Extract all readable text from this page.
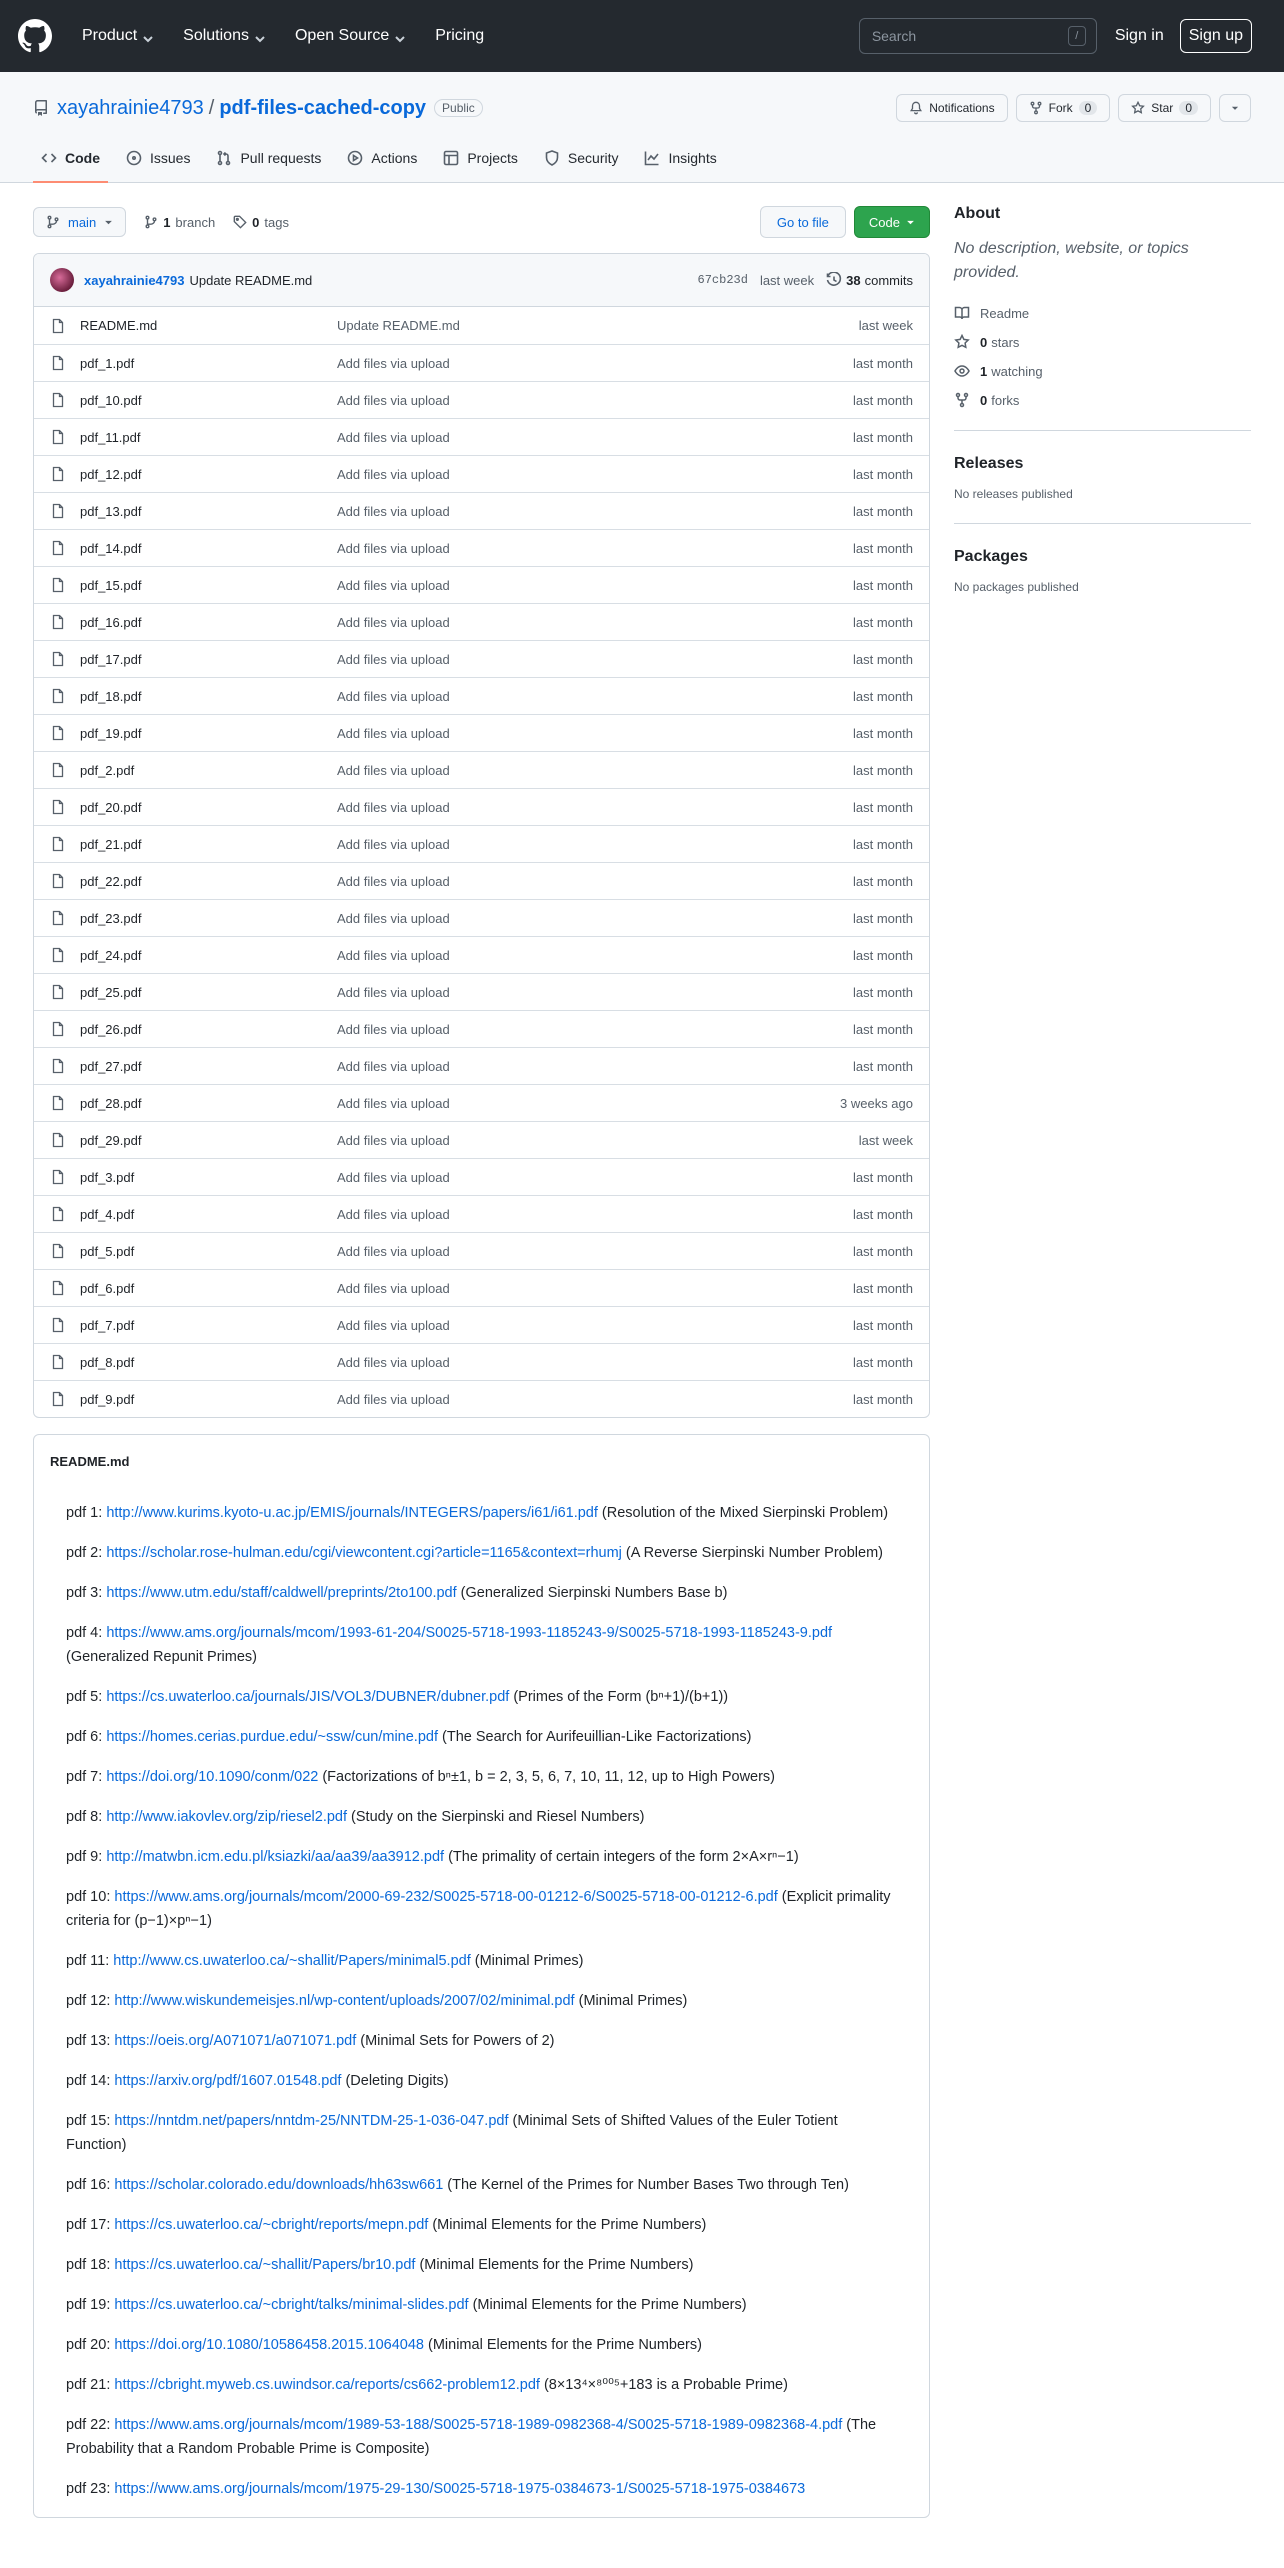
Product	Solutions	Open Source	Pricing	Search	/	Sign in	Sign up
xayahrainie4793 / pdf-files-cached-copy	Public	Notifications	Fork	0	Star	0
Code	Issues	Pull requests	Actions	Projects	Security	Insights
main	1 branch	0 tags	Go to file	Code
xayahrainie4793 Update README.md	67cb23d last week 38 commits
README.md	Update README.md	last week
pdf_1.pdf	Add files via upload	last month
pdf_10.pdf	Add files via upload	last month
pdf_11.pdf	Add files via upload	last month
pdf_12.pdf	Add files via upload	last month
pdf_13.pdf	Add files via upload	last month
pdf_14.pdf	Add files via upload	last month
pdf_15.pdf	Add files via upload	last month
pdf_16.pdf	Add files via upload	last month
pdf_17.pdf	Add files via upload	last month
pdf_18.pdf	Add files via upload	last month
pdf_19.pdf	Add files via upload	last month
pdf_2.pdf	Add files via upload	last month
pdf_20.pdf	Add files via upload	last month
pdf_21.pdf	Add files via upload	last month
pdf_22.pdf	Add files via upload	last month
pdf_23.pdf	Add files via upload	last month
pdf_24.pdf	Add files via upload	last month
pdf_25.pdf	Add files via upload	last month
pdf_26.pdf	Add files via upload	last month
pdf_27.pdf	Add files via upload	last month
pdf_28.pdf	Add files via upload	3 weeks ago
pdf_29.pdf	Add files via upload	last week
pdf_3.pdf	Add files via upload	last month
pdf_4.pdf	Add files via upload	last month
pdf_5.pdf	Add files via upload	last month
pdf_6.pdf	Add files via upload	last month
pdf_7.pdf	Add files via upload	last month
pdf_8.pdf	Add files via upload	last month
pdf_9.pdf	Add files via upload	last month
README.md

pdf 1: http://www.kurims.kyoto-u.ac.jp/EMIS/journals/INTEGERS/papers/i61/i61.pdf (Resolution of the Mixed Sierpinski Problem)

pdf 2: https://scholar.rose-hulman.edu/cgi/viewcontent.cgi?article=1165&context=rhumj (A Reverse Sierpinski Number Problem)

pdf 3: https://www.utm.edu/staff/caldwell/preprints/2to100.pdf (Generalized Sierpinski Numbers Base b)

pdf 4: https://www.ams.org/journals/mcom/1993-61-204/S0025-5718-1993-1185243-9/S0025-5718-1993-1185243-9.pdf (Generalized Repunit Primes)

pdf 5: https://cs.uwaterloo.ca/journals/JIS/VOL3/DUBNER/dubner.pdf (Primes of the Form (bⁿ+1)/(b+1))

pdf 6: https://homes.cerias.purdue.edu/~ssw/cun/mine.pdf (The Search for Aurifeuillian-Like Factorizations)

pdf 7: https://doi.org/10.1090/conm/022 (Factorizations of bⁿ±1, b = 2, 3, 5, 6, 7, 10, 11, 12, up to High Powers)

pdf 8: http://www.iakovlev.org/zip/riesel2.pdf (Study on the Sierpinski and Riesel Numbers)

pdf 9: http://matwbn.icm.edu.pl/ksiazki/aa/aa39/aa3912.pdf (The primality of certain integers of the form 2×A×rⁿ−1)

pdf 10: https://www.ams.org/journals/mcom/2000-69-232/S0025-5718-00-01212-6/S0025-5718-00-01212-6.pdf (Explicit primality criteria for (p−1)×pⁿ−1)

pdf 11: http://www.cs.uwaterloo.ca/~shallit/Papers/minimal5.pdf (Minimal Primes)

pdf 12: http://www.wiskundemeisjes.nl/wp-content/uploads/2007/02/minimal.pdf (Minimal Primes)

pdf 13: https://oeis.org/A071071/a071071.pdf (Minimal Sets for Powers of 2)

pdf 14: https://arxiv.org/pdf/1607.01548.pdf (Deleting Digits)

pdf 15: https://nntdm.net/papers/nntdm-25/NNTDM-25-1-036-047.pdf (Minimal Sets of Shifted Values of the Euler Totient Function)

pdf 16: https://scholar.colorado.edu/downloads/hh63sw661 (The Kernel of the Primes for Number Bases Two through Ten)

pdf 17: https://cs.uwaterloo.ca/~cbright/reports/mepn.pdf (Minimal Elements for the Prime Numbers)

pdf 18: https://cs.uwaterloo.ca/~shallit/Papers/br10.pdf (Minimal Elements for the Prime Numbers)

pdf 19: https://cs.uwaterloo.ca/~cbright/talks/minimal-slides.pdf (Minimal Elements for the Prime Numbers)

pdf 20: https://doi.org/10.1080/10586458.2015.1064048 (Minimal Elements for the Prime Numbers)

pdf 21: https://cbright.myweb.cs.uwindsor.ca/reports/cs662-problem12.pdf (8×13⁴×⁸⁰⁰⁵+183 is a Probable Prime)

pdf 22: https://www.ams.org/journals/mcom/1989-53-188/S0025-5718-1989-0982368-4/S0025-5718-1989-0982368-4.pdf (The Probability that a Random Probable Prime is Composite)

pdf 23: https://www.ams.org/journals/mcom/1975-29-130/S0025-5718-1975-0384673-1/S0025-5718-1975-0384673

About

No description, website, or topics provided.

Readme
0 stars
1 watching
0 forks
Releases
No releases published
Packages
No packages published
